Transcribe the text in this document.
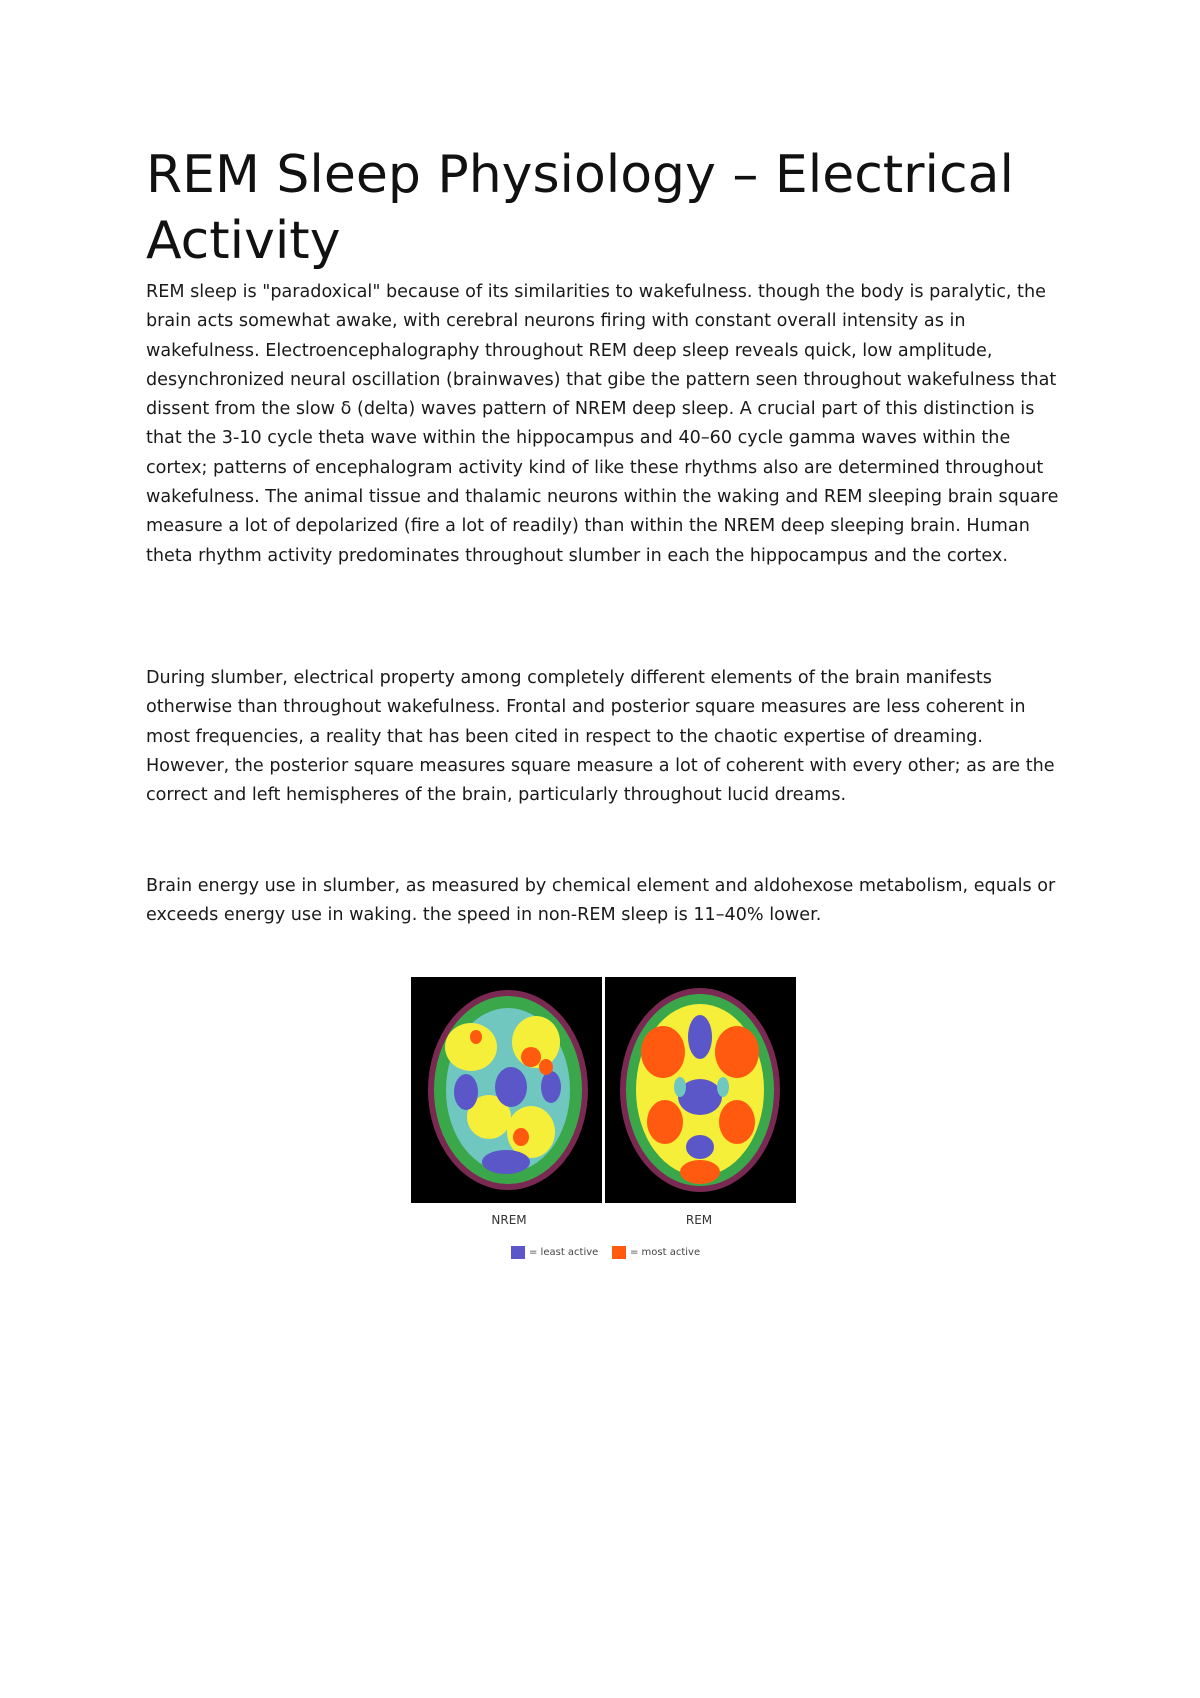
REM Sleep Physiology – Electrical Activity

REM sleep is "paradoxical" because of its similarities to wakefulness. though the body is paralytic, the brain acts somewhat awake, with cerebral neurons firing with constant overall intensity as in wakefulness. Electroencephalography throughout REM deep sleep reveals quick, low amplitude, desynchronized neural oscillation (brainwaves) that gibe the pattern seen throughout wakefulness that dissent from the slow δ (delta) waves pattern of NREM deep sleep. A crucial part of this distinction is that the 3-10 cycle theta wave within the hippocampus and 40–60 cycle gamma waves within the cortex; patterns of encephalogram activity kind of like these rhythms also are determined throughout wakefulness. The animal tissue and thalamic neurons within the waking and REM sleeping brain square measure a lot of depolarized (fire a lot of readily) than within the NREM deep sleeping brain. Human theta rhythm activity predominates throughout slumber in each the hippocampus and the cortex.

During slumber, electrical property among completely different elements of the brain manifests otherwise than throughout wakefulness. Frontal and posterior square measures are less coherent in most frequencies, a reality that has been cited in respect to the chaotic expertise of dreaming. However, the posterior square measures square measure a lot of coherent with every other; as are the correct and left hemispheres of the brain, particularly throughout lucid dreams.

Brain energy use in slumber, as measured by chemical element and aldohexose metabolism, equals or exceeds energy use in waking. the speed in non-REM sleep is 11–40% lower.

NREM	REM
= least active	= most active
